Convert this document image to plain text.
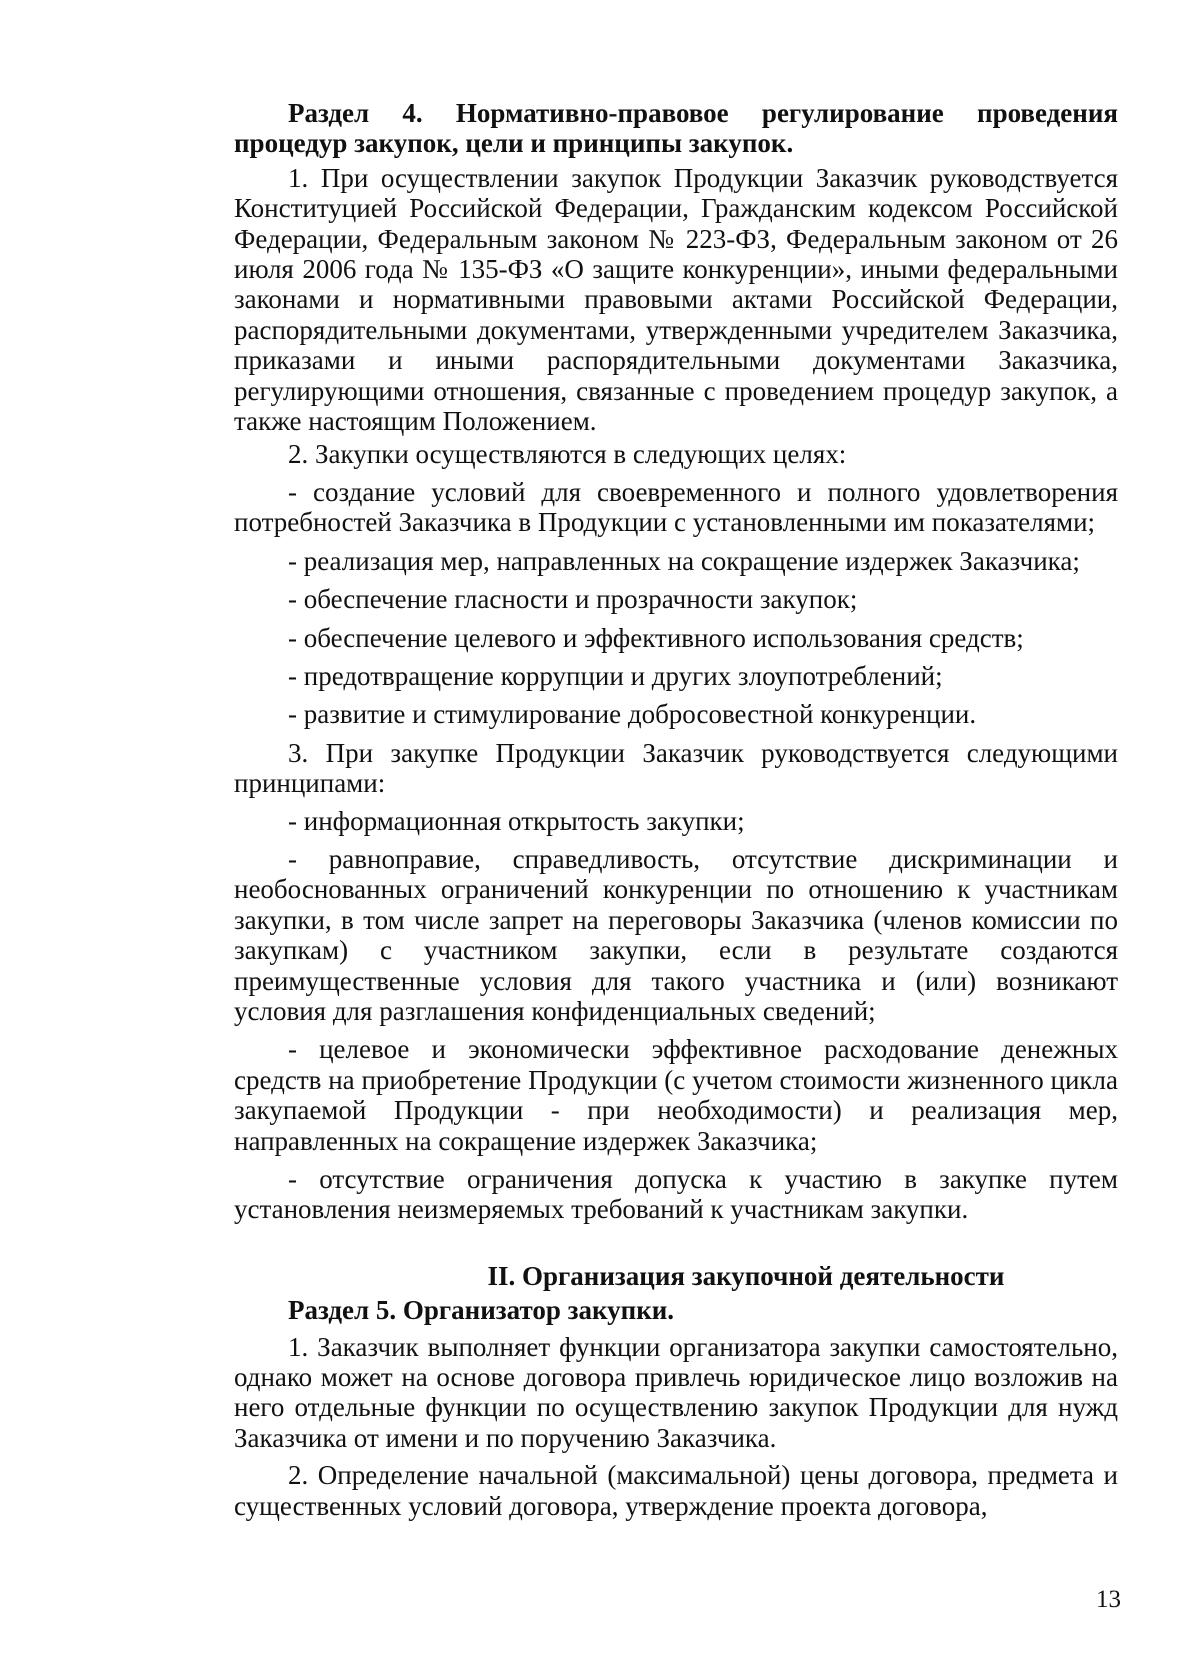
Раздел 4. Нормативно-правовое регулирование проведения процедур закупок, цели и принципы закупок.

1. При осуществлении закупок Продукции Заказчик руководствуется Конституцией Российской Федерации, Гражданским кодексом Российской Федерации, Федеральным законом № 223-ФЗ, Федеральным законом от 26 июля 2006 года № 135-ФЗ «О защите конкуренции», иными федеральными законами и нормативными правовыми актами Российской Федерации, распорядительными документами, утвержденными учредителем Заказчика, приказами и иными распорядительными документами Заказчика, регулирующими отношения, связанные с проведением процедур закупок, а также настоящим Положением.

2. Закупки осуществляются в следующих целях:

- создание условий для своевременного и полного удовлетворения потребностей Заказчика в Продукции с установленными им показателями;

- реализация мер, направленных на сокращение издержек Заказчика;

- обеспечение гласности и прозрачности закупок;

- обеспечение целевого и эффективного использования средств;

- предотвращение коррупции и других злоупотреблений;

- развитие и стимулирование добросовестной конкуренции.

3. При закупке Продукции Заказчик руководствуется следующими принципами:

- информационная открытость закупки;

- равноправие, справедливость, отсутствие дискриминации и необоснованных ограничений конкуренции по отношению к участникам закупки, в том числе запрет на переговоры Заказчика (членов комиссии по закупкам) с участником закупки, если в результате создаются преимущественные условия для такого участника и (или) возникают условия для разглашения конфиденциальных сведений;

- целевое и экономически эффективное расходование денежных средств на приобретение Продукции (с учетом стоимости жизненного цикла закупаемой Продукции - при необходимости) и реализация мер, направленных на сокращение издержек Заказчика;

- отсутствие ограничения допуска к участию в закупке путем установления неизмеряемых требований к участникам закупки.

II. Организация закупочной деятельности

Раздел 5. Организатор закупки.

1. Заказчик выполняет функции организатора закупки самостоятельно, однако может на основе договора привлечь юридическое лицо возложив на него отдельные функции по осуществлению закупок Продукции для нужд Заказчика от имени и по поручению Заказчика.

2. Определение начальной (максимальной) цены договора, предмета и существенных условий договора, утверждение проекта договора,

13
